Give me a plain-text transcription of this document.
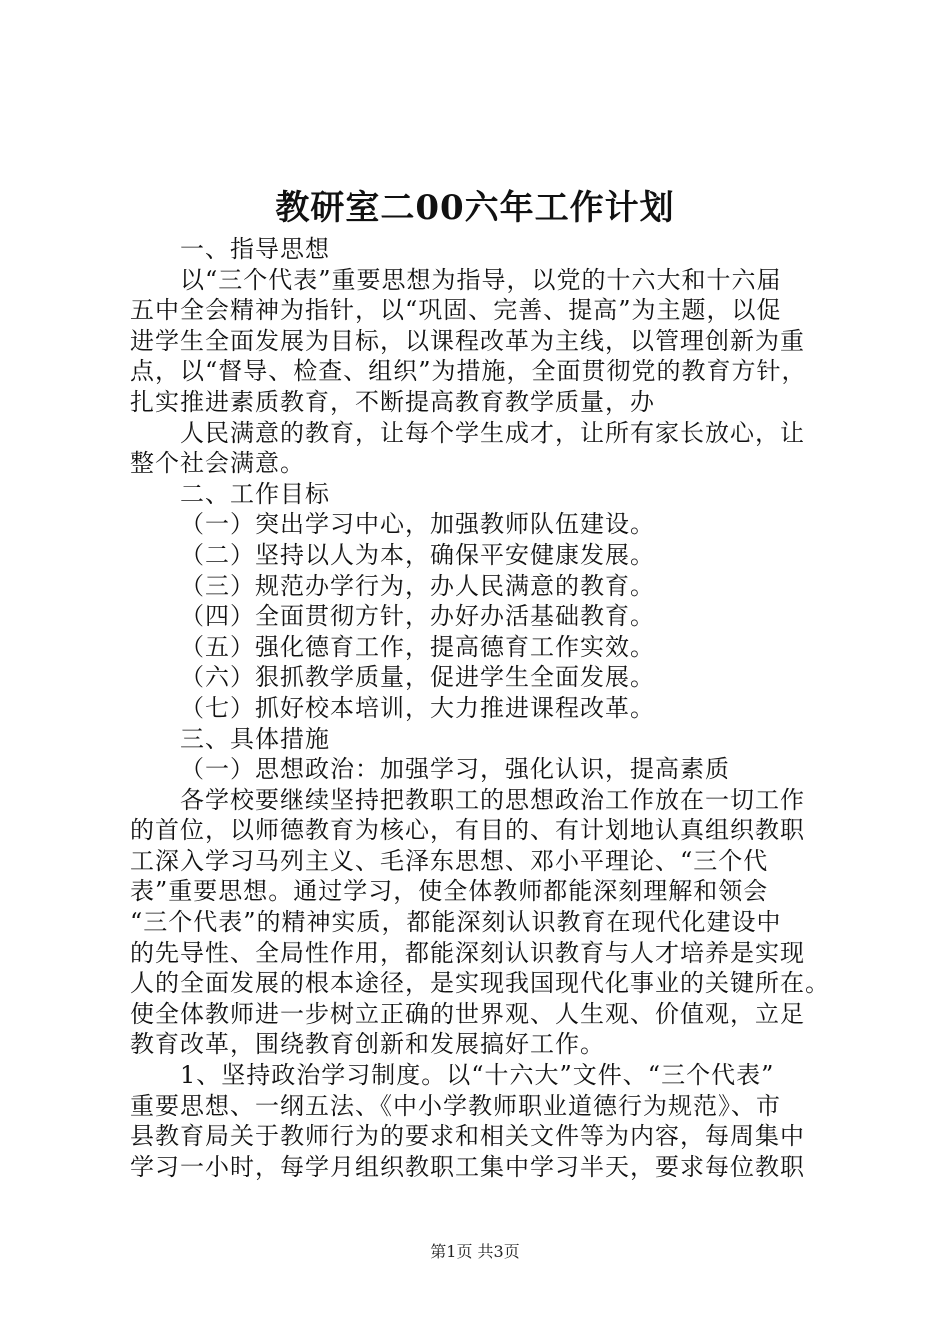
教研室二00六年工作计划
一、指导思想
以“三个代表”重要思想为指导，以党的十六大和十六届
五中全会精神为指针，以“巩固、完善、提高”为主题，以促
进学生全面发展为目标，以课程改革为主线，以管理创新为重
点，以“督导、检查、组织”为措施，全面贯彻党的教育方针，
扎实推进素质教育，不断提高教育教学质量，办
人民满意的教育，让每个学生成才，让所有家长放心，让
整个社会满意。
二、工作目标
（一）突出学习中心，加强教师队伍建设。
（二）坚持以人为本，确保平安健康发展。
（三）规范办学行为，办人民满意的教育。
（四）全面贯彻方针，办好办活基础教育。
（五）强化德育工作，提高德育工作实效。
（六）狠抓教学质量，促进学生全面发展。
（七）抓好校本培训，大力推进课程改革。
三、具体措施
（一）思想政治：加强学习，强化认识，提高素质
各学校要继续坚持把教职工的思想政治工作放在一切工作
的首位，以师德教育为核心，有目的、有计划地认真组织教职
工深入学习马列主义、毛泽东思想、邓小平理论、“三个代
表”重要思想。通过学习，使全体教师都能深刻理解和领会
“三个代表”的精神实质，都能深刻认识教育在现代化建设中
的先导性、全局性作用，都能深刻认识教育与人才培养是实现
人的全面发展的根本途径，是实现我国现代化事业的关键所在。
使全体教师进一步树立正确的世界观、人生观、价值观，立足
教育改革，围绕教育创新和发展搞好工作。
1、坚持政治学习制度。以“十六大”文件、“三个代表”
重要思想、一纲五法、《中小学教师职业道德行为规范》、市
县教育局关于教师行为的要求和相关文件等为内容，每周集中
学习一小时，每学月组织教职工集中学习半天，要求每位教职
第1页 共3页
